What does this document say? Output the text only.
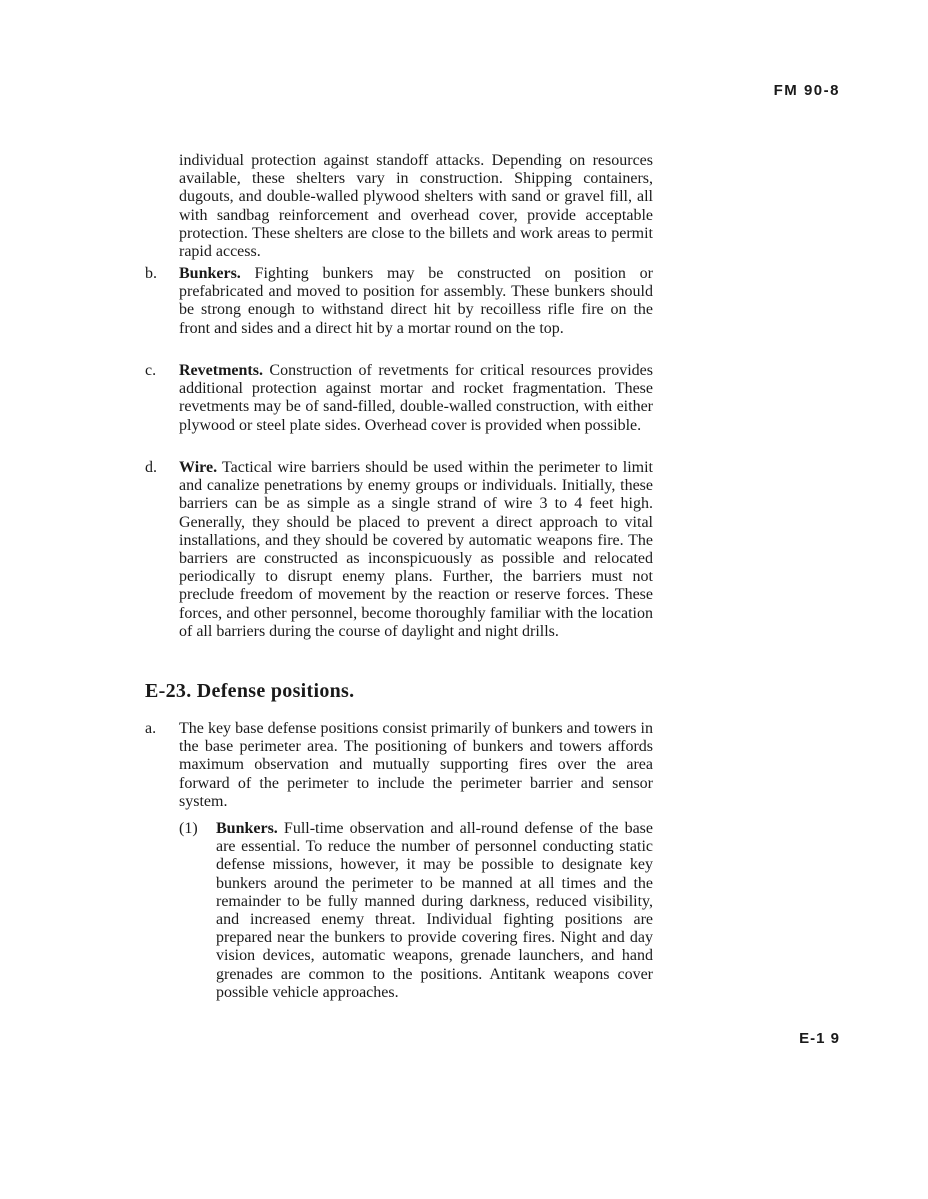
FM 90-8
individual protection against standoff attacks. Depending on resources available, these shelters vary in construction. Shipping containers, dugouts, and double-walled plywood shelters with sand or gravel fill, all with sandbag reinforcement and overhead cover, provide acceptable protection. These shelters are close to the billets and work areas to permit rapid access.
b.	Bunkers. Fighting bunkers may be constructed on position or prefabricated and moved to position for assembly. These bunkers should be strong enough to withstand direct hit by recoilless rifle fire on the front and sides and a direct hit by a mortar round on the top.
c.	Revetments. Construction of revetments for critical resources provides additional protection against mortar and rocket fragmentation. These revetments may be of sand-filled, double-walled construction, with either plywood or steel plate sides. Overhead cover is provided when possible.
d.	Wire. Tactical wire barriers should be used within the perimeter to limit and canalize penetrations by enemy groups or individuals. Initially, these barriers can be as simple as a single strand of wire 3 to 4 feet high. Generally, they should be placed to prevent a direct approach to vital installations, and they should be covered by automatic weapons fire. The barriers are constructed as inconspicuously as possible and relocated periodically to disrupt enemy plans. Further, the barriers must not preclude freedom of movement by the reaction or reserve forces. These forces, and other personnel, become thoroughly familiar with the location of all barriers during the course of daylight and night drills.
E-23. Defense positions.
a.	The key base defense positions consist primarily of bunkers and towers in the base perimeter area. The positioning of bunkers and towers affords maximum observation and mutually supporting fires over the area forward of the perimeter to include the perimeter barrier and sensor system.
(1)	Bunkers. Full-time observation and all-round defense of the base are essential. To reduce the number of personnel conducting static defense missions, however, it may be possible to designate key bunkers around the perimeter to be manned at all times and the remainder to be fully manned during darkness, reduced visibility, and increased enemy threat. Individual fighting positions are prepared near the bunkers to provide covering fires. Night and day vision devices, automatic weapons, grenade launchers, and hand grenades are common to the positions. Antitank weapons cover possible vehicle approaches.
E-1 9
